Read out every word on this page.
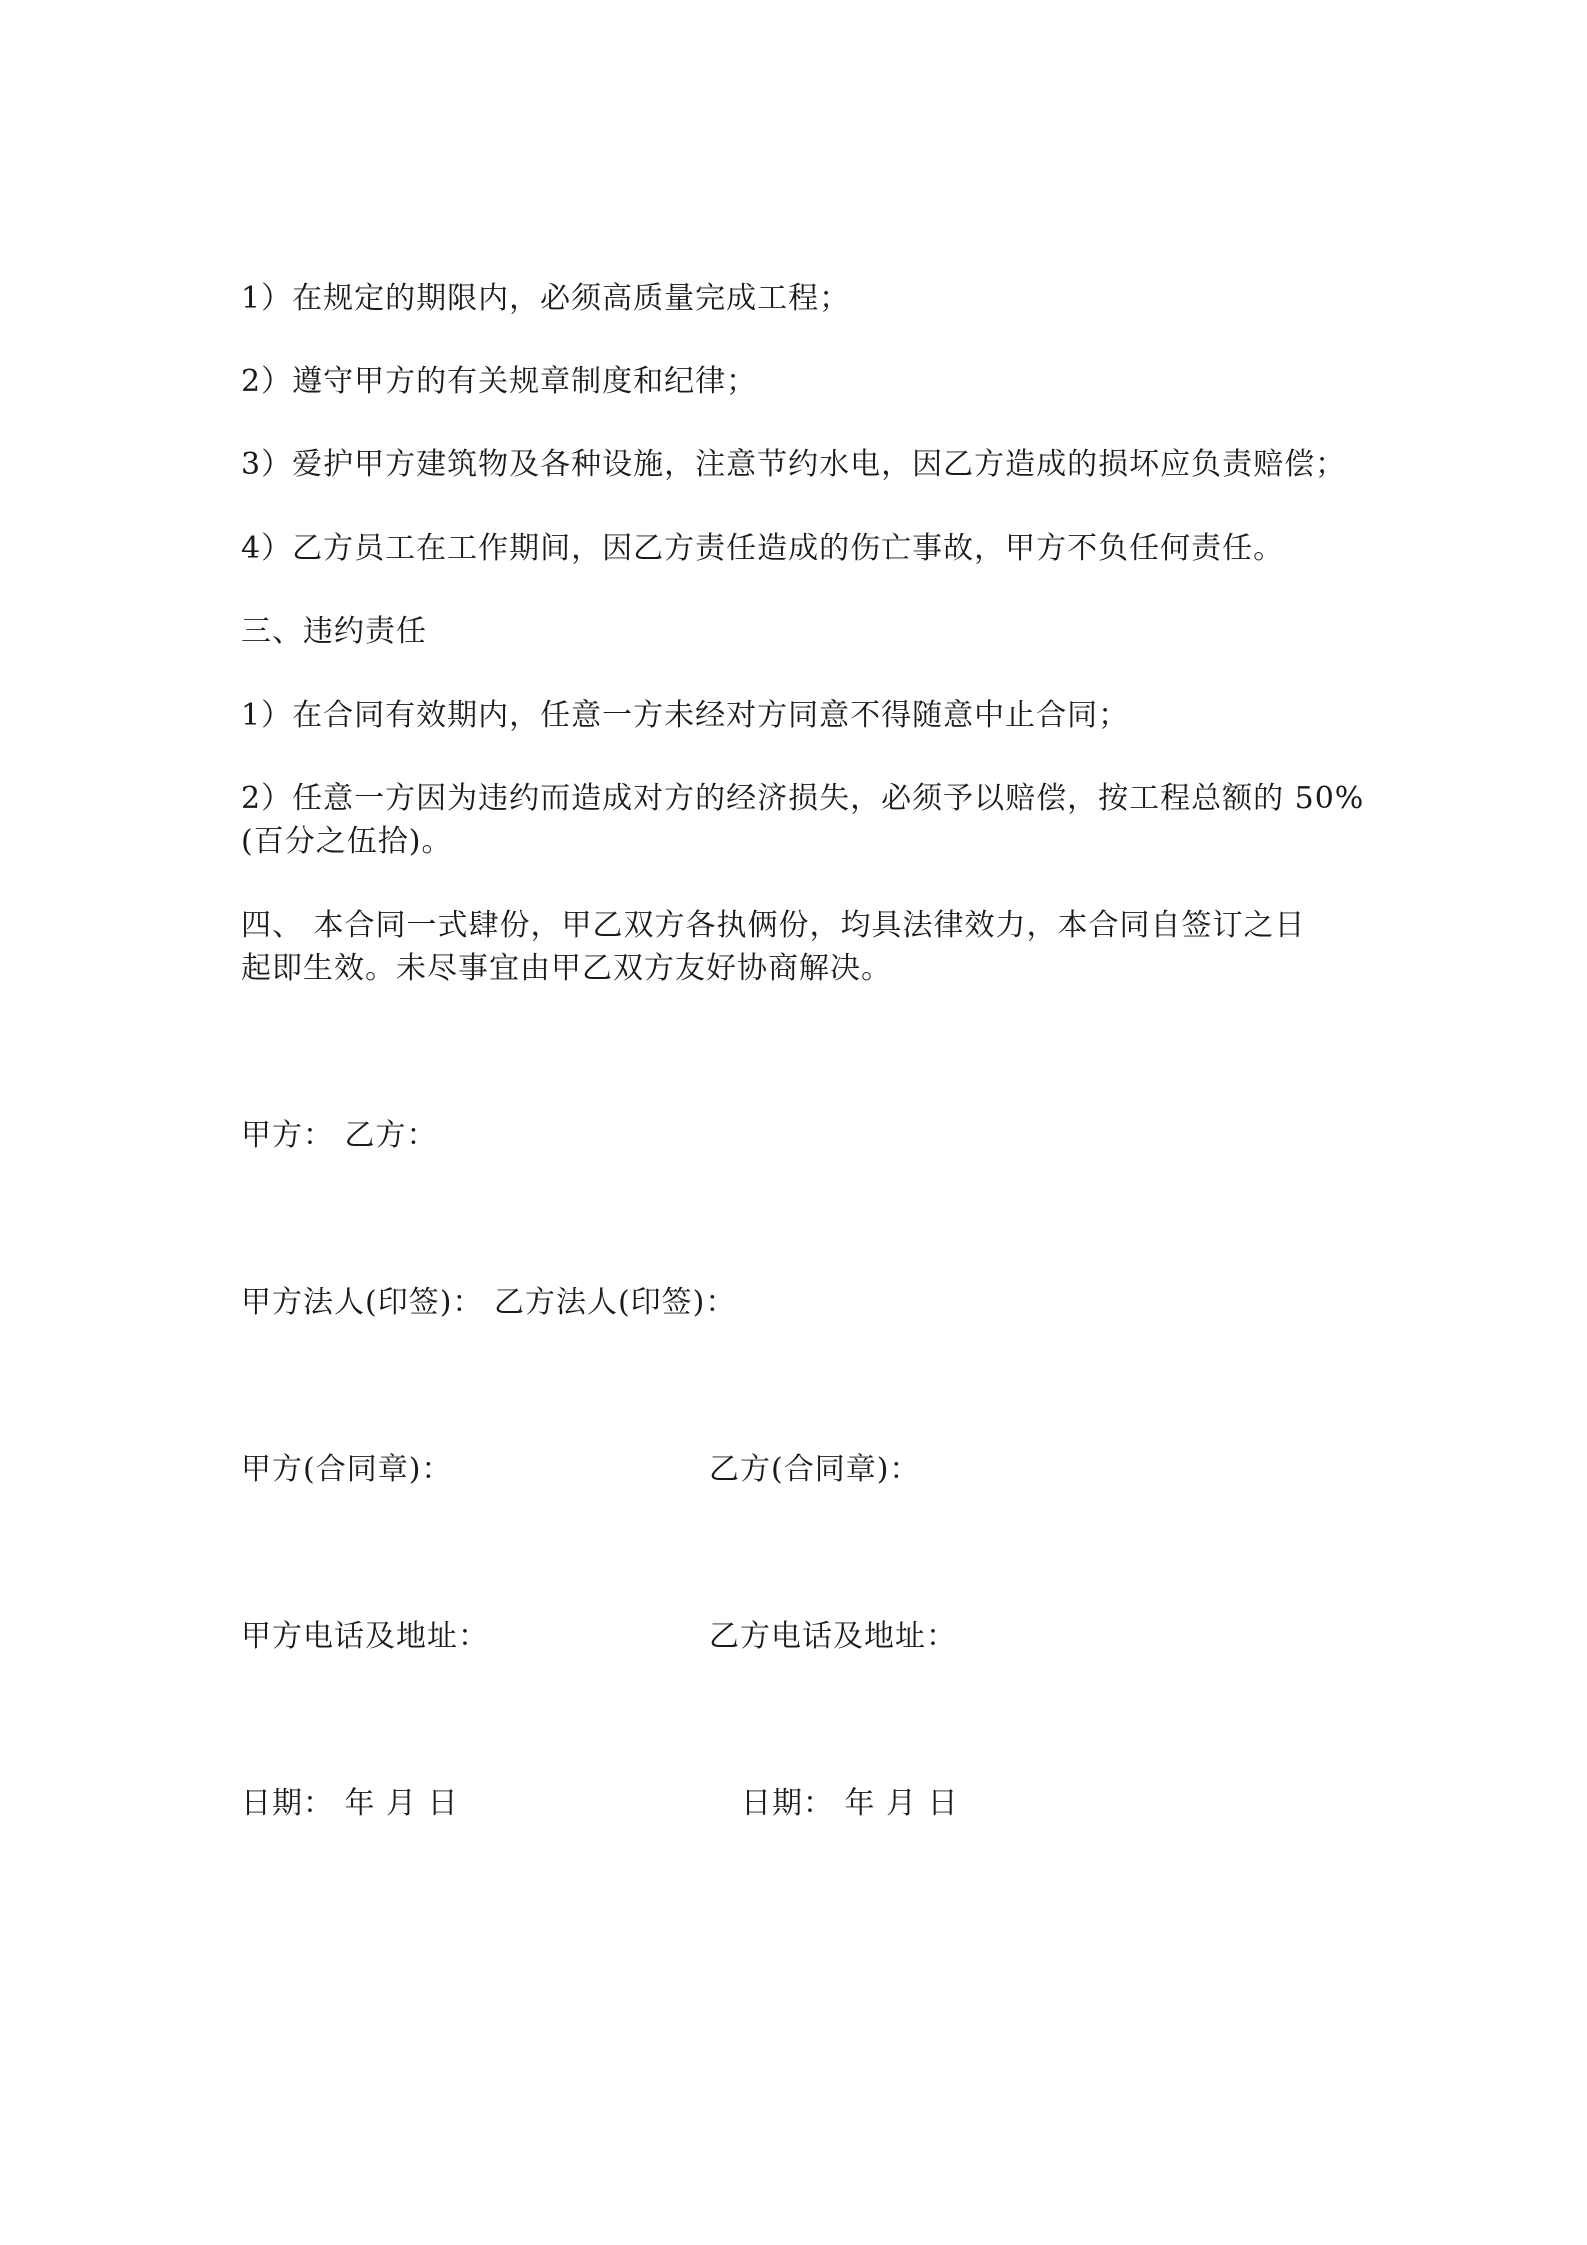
1）在规定的期限内，必须高质量完成工程；
2）遵守甲方的有关规章制度和纪律；
3）爱护甲方建筑物及各种设施，注意节约水电，因乙方造成的损坏应负责赔偿；
4）乙方员工在工作期间，因乙方责任造成的伤亡事故，甲方不负任何责任。
三、违约责任
1）在合同有效期内，任意一方未经对方同意不得随意中止合同；
2）任意一方因为违约而造成对方的经济损失，必须予以赔偿，按工程总额的 50%
(百分之伍拾)。
四、 本合同一式肆份，甲乙双方各执俩份，均具法律效力，本合同自签订之日
起即生效。未尽事宜由甲乙双方友好协商解决。
甲方： 乙方：
甲方法人(印签)： 乙方法人(印签)：
甲方(合同章)：	乙方(合同章)：
甲方电话及地址：	乙方电话及地址：
日期： 年 月 日	日期： 年 月 日
